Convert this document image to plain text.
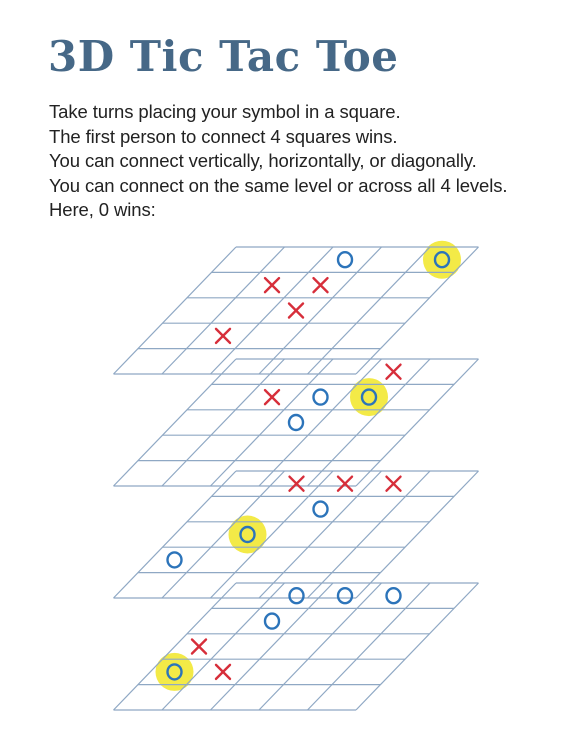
3D Tic Tac Toe
Take turns placing your symbol in a square.
The first person to connect 4 squares wins.
You can connect vertically, horizontally, or diagonally.
You can connect on the same level or across all 4 levels.
Here, 0 wins:
